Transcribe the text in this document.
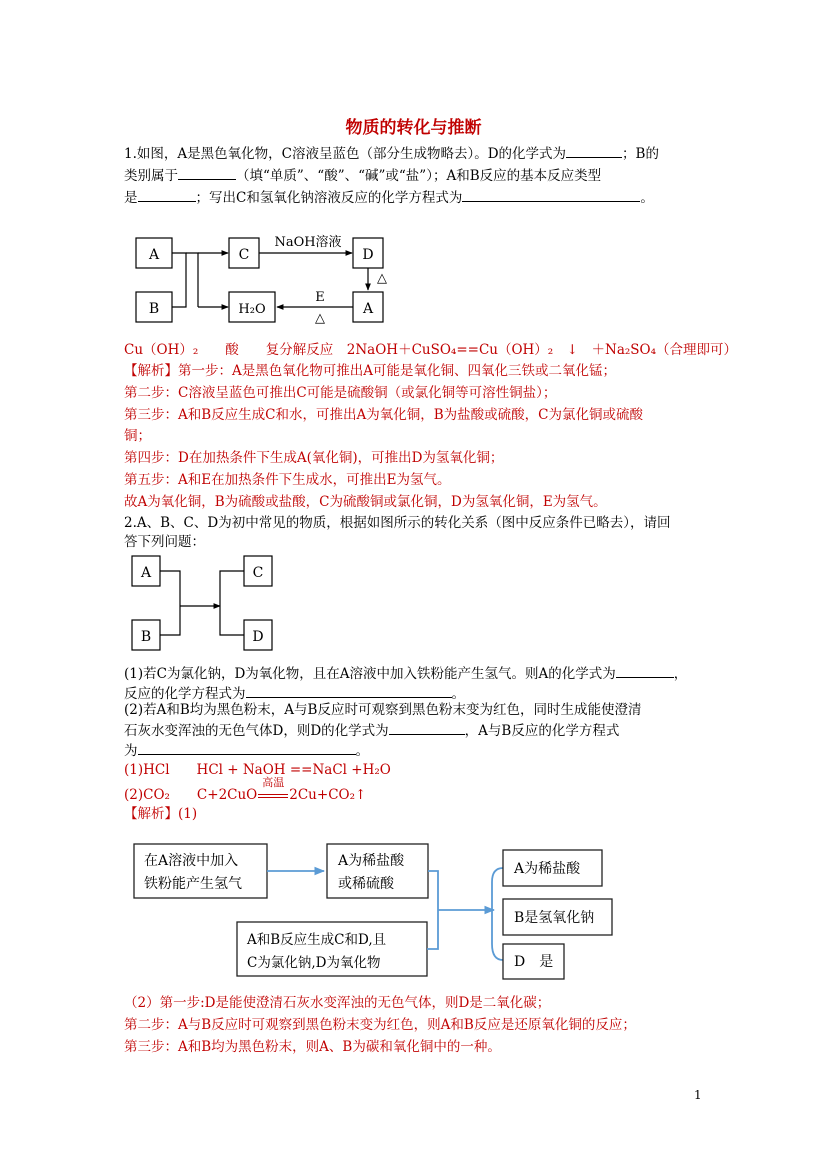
物质的转化与推断
1.如图，A是黑色氧化物，C溶液呈蓝色（部分生成物略去）。D的化学式为	；B的
类别属于	（填“单质”、“酸”、“碱”或“盐”）；A和B反应的基本反应类型
是	；写出C和氢氧化钠溶液反应的化学方程式为	。
A
B
C
NaOH溶液
D
△
A
E
△
H₂O
Cu（OH）₂　　酸　　复分解反应　2NaOH＋CuSO₄==Cu（OH）₂　↓　＋Na₂SO₄（合理即可）
【解析】第一步：A是黑色氧化物可推出A可能是氧化铜、四氧化三铁或二氧化锰；
第二步：C溶液呈蓝色可推出C可能是硫酸铜（或氯化铜等可溶性铜盐）；
第三步：A和B反应生成C和水，可推出A为氧化铜，B为盐酸或硫酸，C为氯化铜或硫酸
铜；
第四步：D在加热条件下生成A(氧化铜)，可推出D为氢氧化铜；
第五步：A和E在加热条件下生成水，可推出E为氢气。
故A为氧化铜，B为硫酸或盐酸，C为硫酸铜或氯化铜，D为氢氧化铜，E为氢气。
2.A、B、C、D为初中常见的物质，根据如图所示的转化关系（图中反应条件已略去），请回
答下列问题：
A
B
C
D
(1)若C为氯化钠，D为氧化物，且在A溶液中加入铁粉能产生氢气。则A的化学式为	，
反应的化学方程式为	。
(2)若A和B均为黑色粉末，A与B反应时可观察到黑色粉末变为红色，同时生成能使澄清
石灰水变浑浊的无色气体D，则D的化学式为	，A与B反应的化学方程式
为	。
(1)HCl　　HCl + NaOH ==NaCl +H₂O
(2)CO₂　　C+2CuO
高温
2Cu+CO₂↑
【解析】(1)
在A溶液中加入
铁粉能产生氢气
A为稀盐酸
或稀硫酸
A和B反应生成C和D,且
C为氯化钠,D为氧化物
A为稀盐酸
B是氢氧化钠
D　是
（2）第一步:D是能使澄清石灰水变浑浊的无色气体，则D是二氧化碳；
第二步：A与B反应时可观察到黑色粉末变为红色，则A和B反应是还原氧化铜的反应；
第三步：A和B均为黑色粉末，则A、B为碳和氧化铜中的一种。
1
